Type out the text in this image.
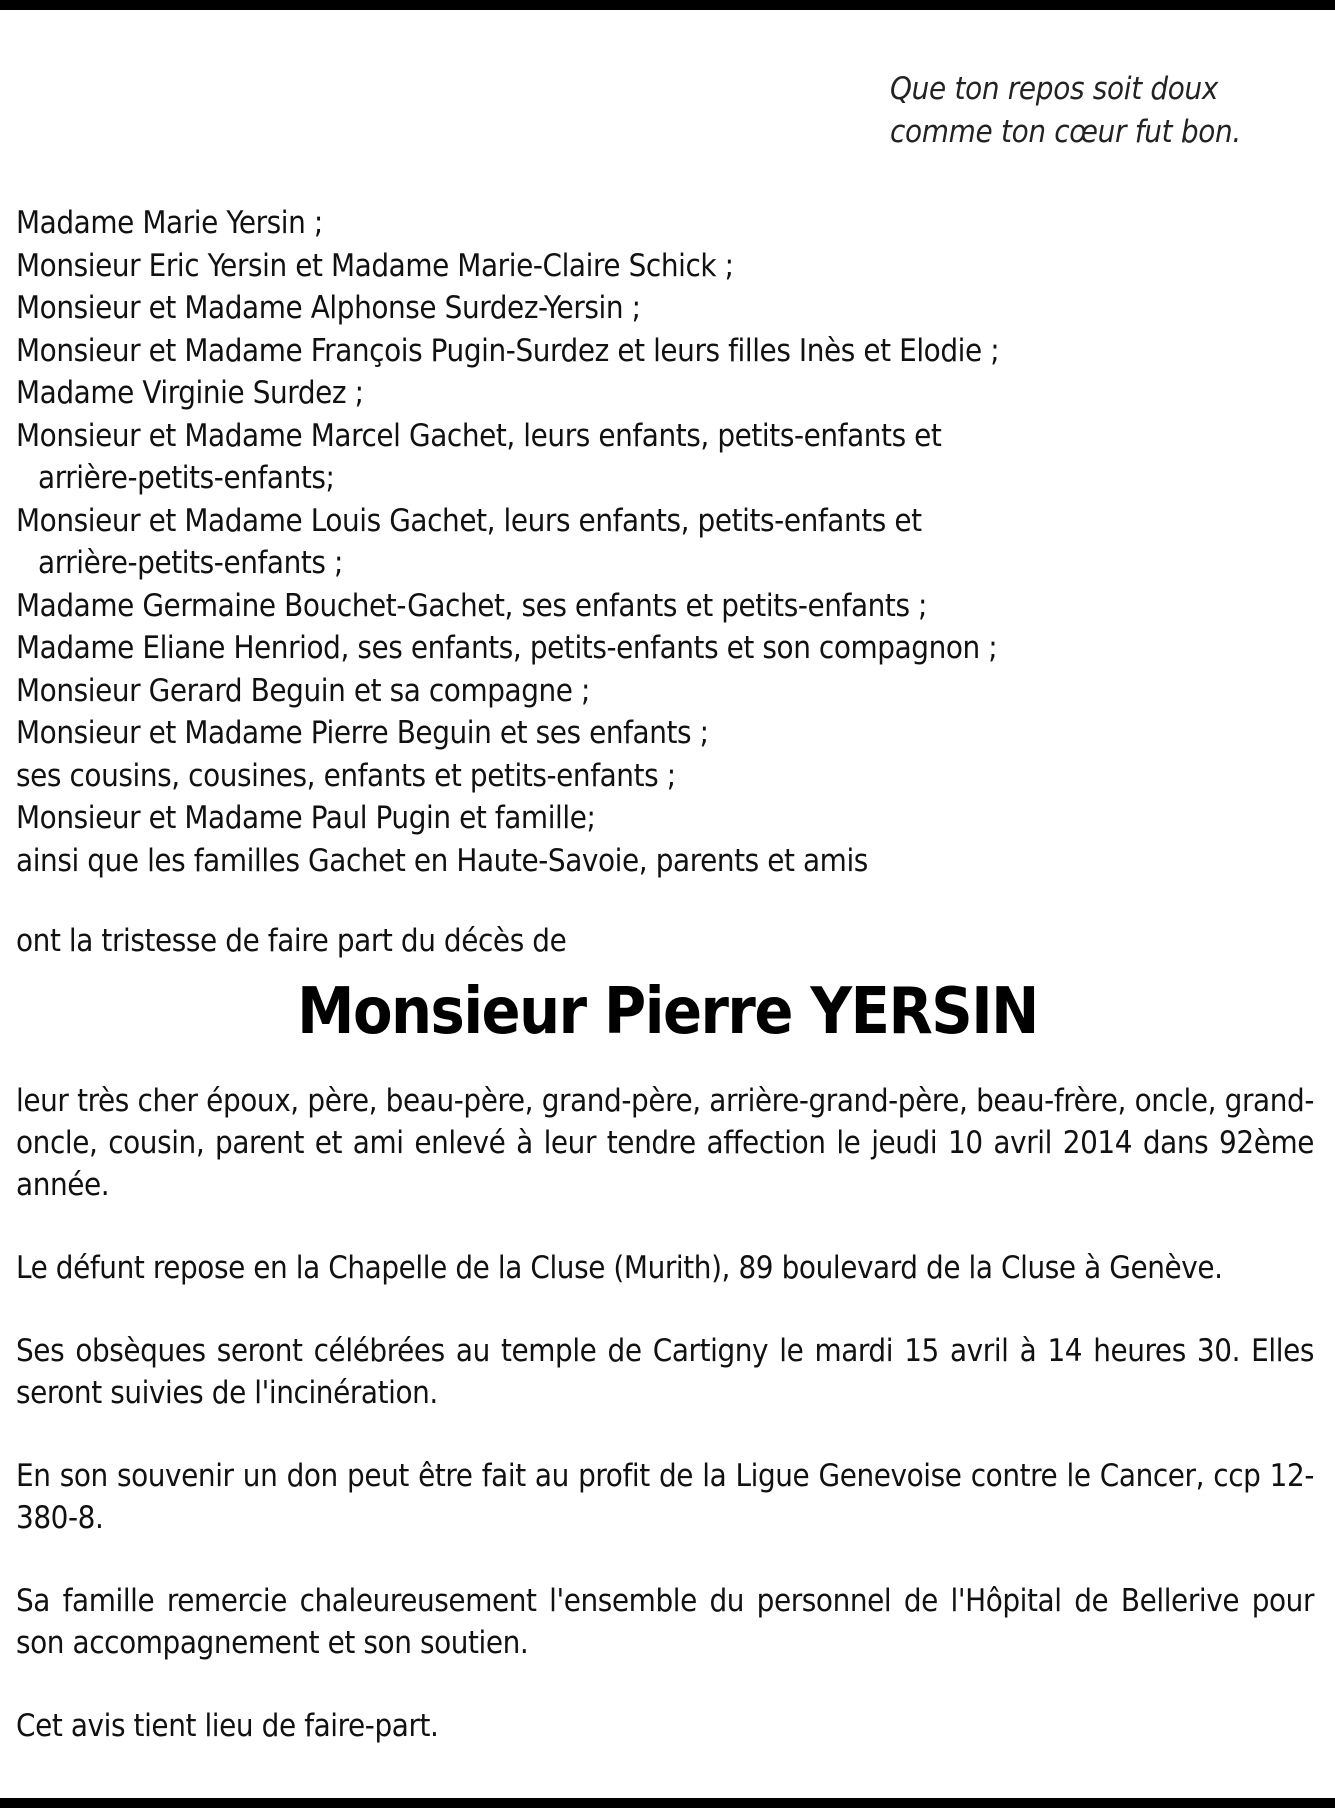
Que ton repos soit doux
comme ton cœur fut bon.
Madame Marie Yersin ;
Monsieur Eric Yersin et Madame Marie-Claire Schick ;
Monsieur et Madame Alphonse Surdez-Yersin ;
Monsieur et Madame François Pugin-Surdez et leurs filles Inès et Elodie ;
Madame Virginie Surdez ;
Monsieur et Madame Marcel Gachet, leurs enfants, petits-enfants et
arrière-petits-enfants;
Monsieur et Madame Louis Gachet, leurs enfants, petits-enfants et
arrière-petits-enfants ;
Madame Germaine Bouchet-Gachet, ses enfants et petits-enfants ;
Madame Eliane Henriod, ses enfants, petits-enfants et son compagnon ;
Monsieur Gerard Beguin et sa compagne ;
Monsieur et Madame Pierre Beguin et ses enfants ;
ses cousins, cousines, enfants et petits-enfants ;
Monsieur et Madame Paul Pugin et famille;
ainsi que les familles Gachet en Haute-Savoie, parents et amis
ont la tristesse de faire part du décès de
Monsieur Pierre YERSIN

leur très cher époux, père, beau-père, grand-père, arrière-grand-père, beau-frère, oncle, grand-oncle, cousin, parent et ami enlevé à leur tendre affection le jeudi 10 avril 2014 dans 92ème année.

Le défunt repose en la Chapelle de la Cluse (Murith), 89 boulevard de la Cluse à Genève.

Ses obsèques seront célébrées au temple de Cartigny le mardi 15 avril à 14 heures 30. Elles seront suivies de l'incinération.

En son souvenir un don peut être fait au profit de la Ligue Genevoise contre le Cancer, ccp 12-380-8.

Sa famille remercie chaleureusement l'ensemble du personnel de l'Hôpital de Bellerive pour son accompagnement et son soutien.

Cet avis tient lieu de faire-part.
